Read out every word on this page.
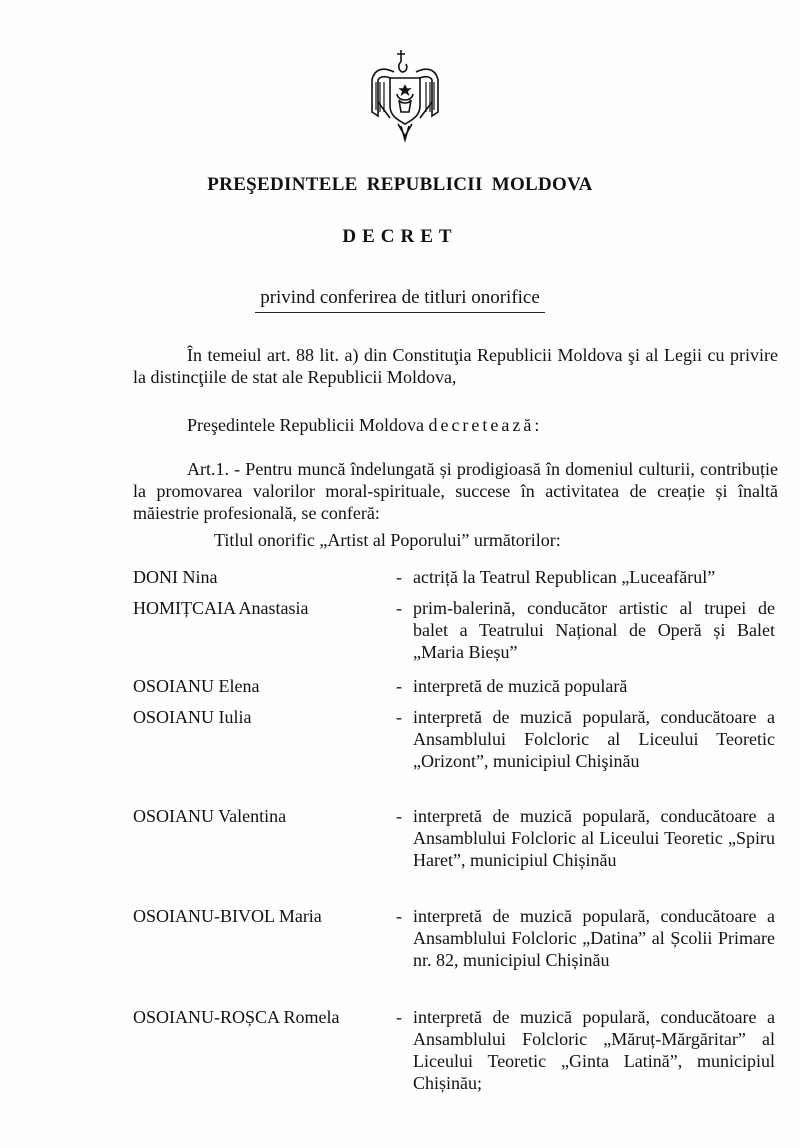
PREŞEDINTELE REPUBLICII MOLDOVA
DECRET
privind conferirea de titluri onorifice
În temeiul art. 88 lit. a) din Constituţia Republicii Moldova şi al Legii cu privire la distincţiile de stat ale Republicii Moldova,
Preşedintele Republicii Moldova decretează:
Art.1. - Pentru muncă îndelungată și prodigioasă în domeniul culturii, contribuție la promovarea valorilor moral-spirituale, succese în activitatea de creație și înaltă măiestrie profesională, se conferă:
Titlul onorific „Artist al Poporului” următorilor:
DONI Nina	- actriță la Teatrul Republican „Luceafărul”
HOMIȚCAIA Anastasia	- prim-balerină, conducător artistic al trupei de balet a Teatrului Național de Operă și Balet „Maria Bieșu”
OSOIANU Elena	- interpretă de muzică populară
OSOIANU Iulia	- interpretă de muzică populară, conducătoare a Ansamblului Folcloric al Liceului Teoretic „Orizont”, municipiul Chişinău
OSOIANU Valentina	- interpretă de muzică populară, conducătoare a Ansamblului Folcloric al Liceului Teoretic „Spiru Haret”, municipiul Chișinău
OSOIANU-BIVOL Maria	- interpretă de muzică populară, conducătoare a Ansamblului Folcloric „Datina” al Școlii Primare nr. 82, municipiul Chișinău
OSOIANU-ROȘCA Romela	- interpretă de muzică populară, conducătoare a Ansamblului Folcloric „Măruț-Mărgăritar” al Liceului Teoretic „Ginta Latină”, municipiul Chișinău;
